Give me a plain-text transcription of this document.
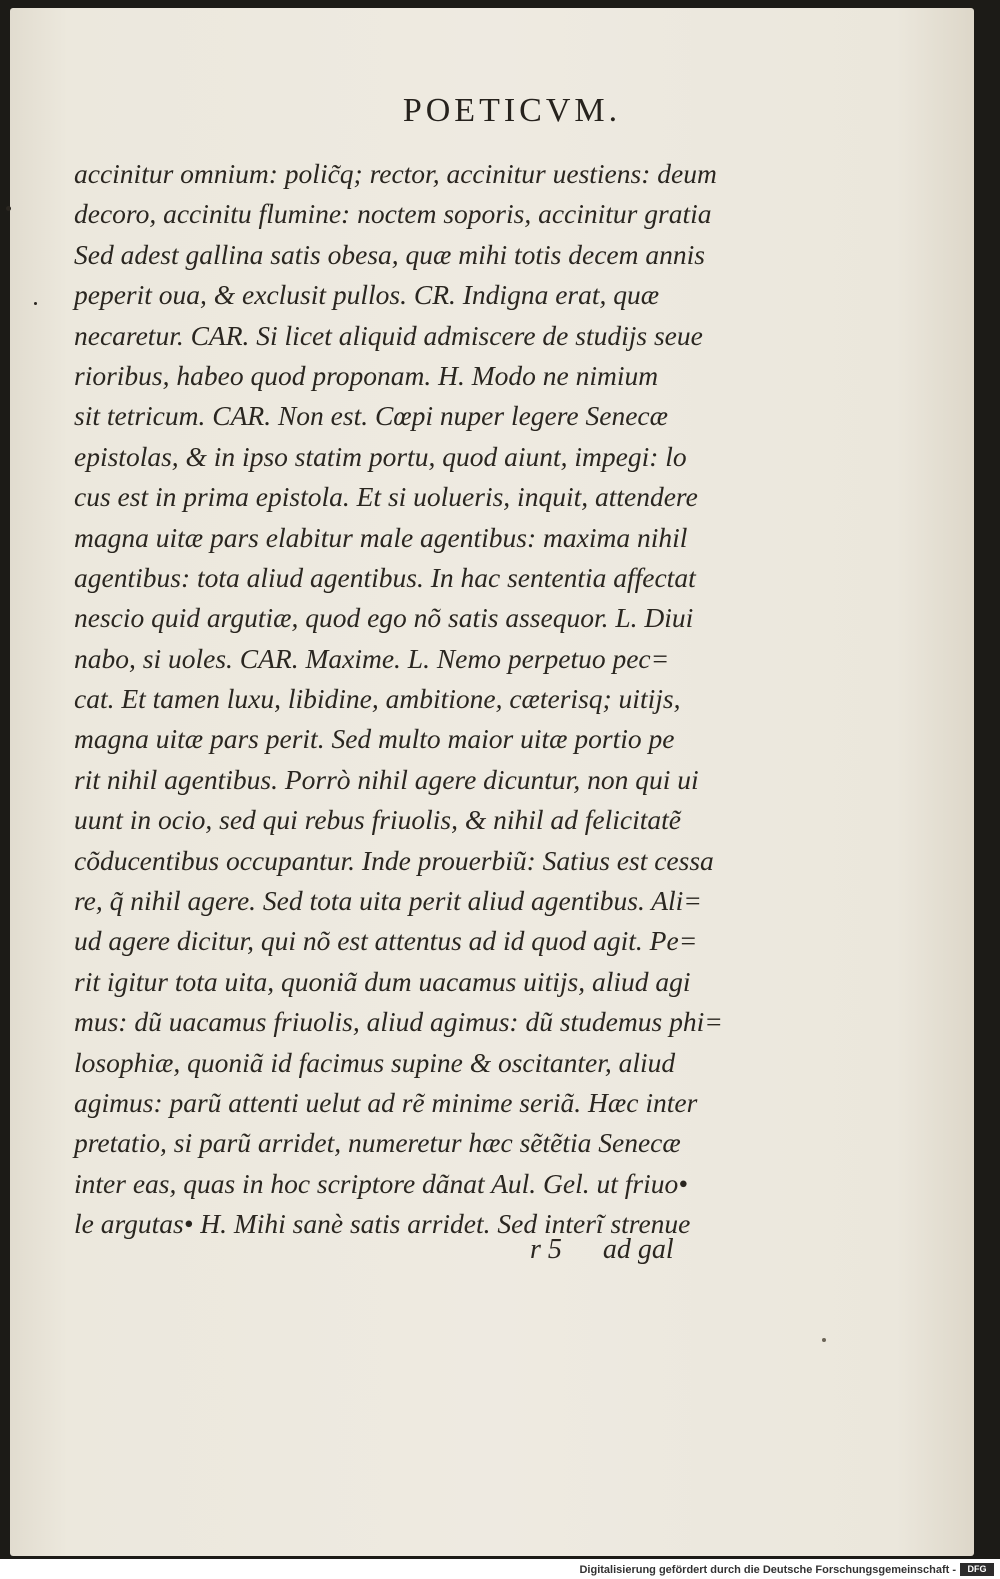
POETICVM.
accinitur omnium: polic̃q; rector, accinitur uestiens: deum
decoro, accinitu flumine: noctem soporis, accinitur gratia
Sed adest gallina satis obesa, quæ mihi totis decem annis
peperit oua, & exclusit pullos. CR. Indigna erat, quæ
necaretur. CAR. Si licet aliquid admiscere de studijs seue
rioribus, habeo quod proponam. H. Modo ne nimium
sit tetricum. CAR. Non est. Cœpi nuper legere Senecæ
epistolas, & in ipso statim portu, quod aiunt, impegi: lo
cus est in prima epistola. Et si uolueris, inquit, attendere
magna uitæ pars elabitur male agentibus: maxima nihil
agentibus: tota aliud agentibus. In hac sententia affectat
nescio quid argutiæ, quod ego nõ satis assequor. L. Diui
nabo, si uoles. CAR. Maxime. L. Nemo perpetuo pec=
cat. Et tamen luxu, libidine, ambitione, cæterisq; uitijs,
magna uitæ pars perit. Sed multo maior uitæ portio pe
rit nihil agentibus. Porrò nihil agere dicuntur, non qui ui
uunt in ocio, sed qui rebus friuolis, & nihil ad felicitatẽ
cõducentibus occupantur. Inde prouerbiũ: Satius est cessa
re, q̃ nihil agere. Sed tota uita perit aliud agentibus. Ali=
ud agere dicitur, qui nõ est attentus ad id quod agit. Pe=
rit igitur tota uita, quoniã dum uacamus uitijs, aliud agi
mus: dũ uacamus friuolis, aliud agimus: dũ studemus phi=
losophiæ, quoniã id facimus supine & oscitanter, aliud
agimus: parũ attenti uelut ad rẽ minime seriã. Hæc inter
pretatio, si parũ arridet, numeretur hæc sẽtẽtia Senecæ
inter eas, quas in hoc scriptore dãnat Aul. Gel. ut friuo•
le argutas• H. Mihi sanè satis arridet. Sed interĩ strenue
r 5 ad gal
Digitalisierung gefördert durch die Deutsche Forschungsgemeinschaft -	DFG
